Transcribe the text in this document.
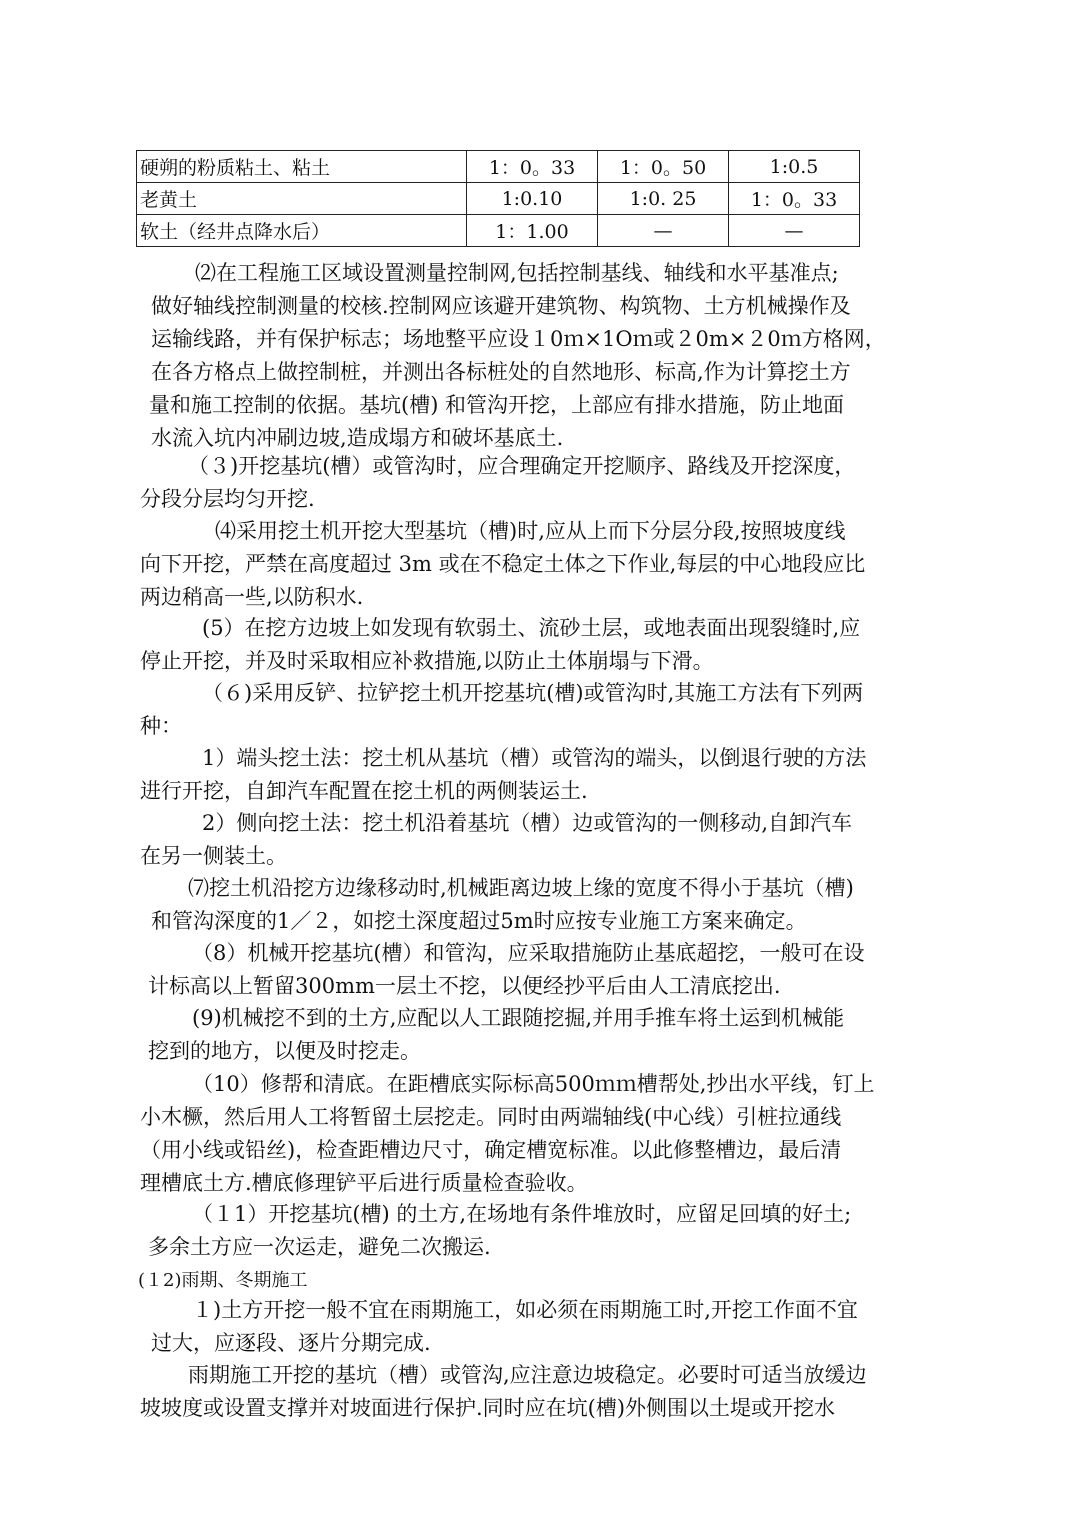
硬朔的粉质粘土、粘土	1：0。33	1：0。50	1:0.5
老黄土	1:0.10	1:0. 25	1：0。33
软土（经井点降水后）	1：1.00	—	—
⑵在工程施工区域设置测量控制网,包括控制基线、轴线和水平基准点;
做好轴线控制测量的校核.控制网应该避开建筑物、构筑物、土方机械操作及
运输线路，并有保护标志；场地整平应设１0ｍ×1Oｍ或２0m×２0ｍ方格网，
在各方格点上做控制桩，并测出各标桩处的自然地形、标高,作为计算挖土方
量和施工控制的依据。基坑(槽) 和管沟开挖，上部应有排水措施，防止地面
水流入坑内冲刷边坡,造成塌方和破坏基底土.
（３)开挖基坑(槽）或管沟时，应合理确定开挖顺序、路线及开挖深度，
分段分层均匀开挖.
⑷采用挖土机开挖大型基坑（槽)时,应从上而下分层分段,按照坡度线
向下开挖，严禁在高度超过 3m 或在不稳定土体之下作业,每层的中心地段应比
两边稍高一些,以防积水.
(5）在挖方边坡上如发现有软弱土、流砂土层，或地表面出现裂缝时,应
停止开挖，并及时采取相应补救措施,以防止土体崩塌与下滑。
（６)采用反铲、拉铲挖土机开挖基坑(槽)或管沟时,其施工方法有下列两
种：
1）端头挖土法：挖土机从基坑（槽）或管沟的端头，以倒退行驶的方法
进行开挖，自卸汽车配置在挖土机的两侧装运土.
2）侧向挖土法：挖土机沿着基坑（槽）边或管沟的一侧移动,自卸汽车
在另一侧装土。
⑺挖土机沿挖方边缘移动时,机械距离边坡上缘的宽度不得小于基坑（槽)
和管沟深度的1／２，如挖土深度超过5m时应按专业施工方案来确定。
（8）机械开挖基坑(槽）和管沟，应采取措施防止基底超挖，一般可在设
计标高以上暂留300mm一层土不挖，以便经抄平后由人工清底挖出.
(9)机械挖不到的土方,应配以人工跟随挖掘,并用手推车将土运到机械能
挖到的地方，以便及时挖走。
（10）修帮和清底。在距槽底实际标高500ｍｍ槽帮处,抄出水平线，钉上
小木橛，然后用人工将暂留土层挖走。同时由两端轴线(中心线）引桩拉通线
（用小线或铅丝)，检查距槽边尺寸，确定槽宽标准。以此修整槽边，最后清
理槽底土方.槽底修理铲平后进行质量检查验收。
（１1）开挖基坑(槽) 的土方,在场地有条件堆放时，应留足回填的好土;
多余土方应一次运走，避免二次搬运.
(１2)雨期、冬期施工
１)土方开挖一般不宜在雨期施工，如必须在雨期施工时,开挖工作面不宜
过大，应逐段、逐片分期完成.
雨期施工开挖的基坑（槽）或管沟,应注意边坡稳定。必要时可适当放缓边
坡坡度或设置支撑并对坡面进行保护.同时应在坑(槽)外侧围以土堤或开挖水
